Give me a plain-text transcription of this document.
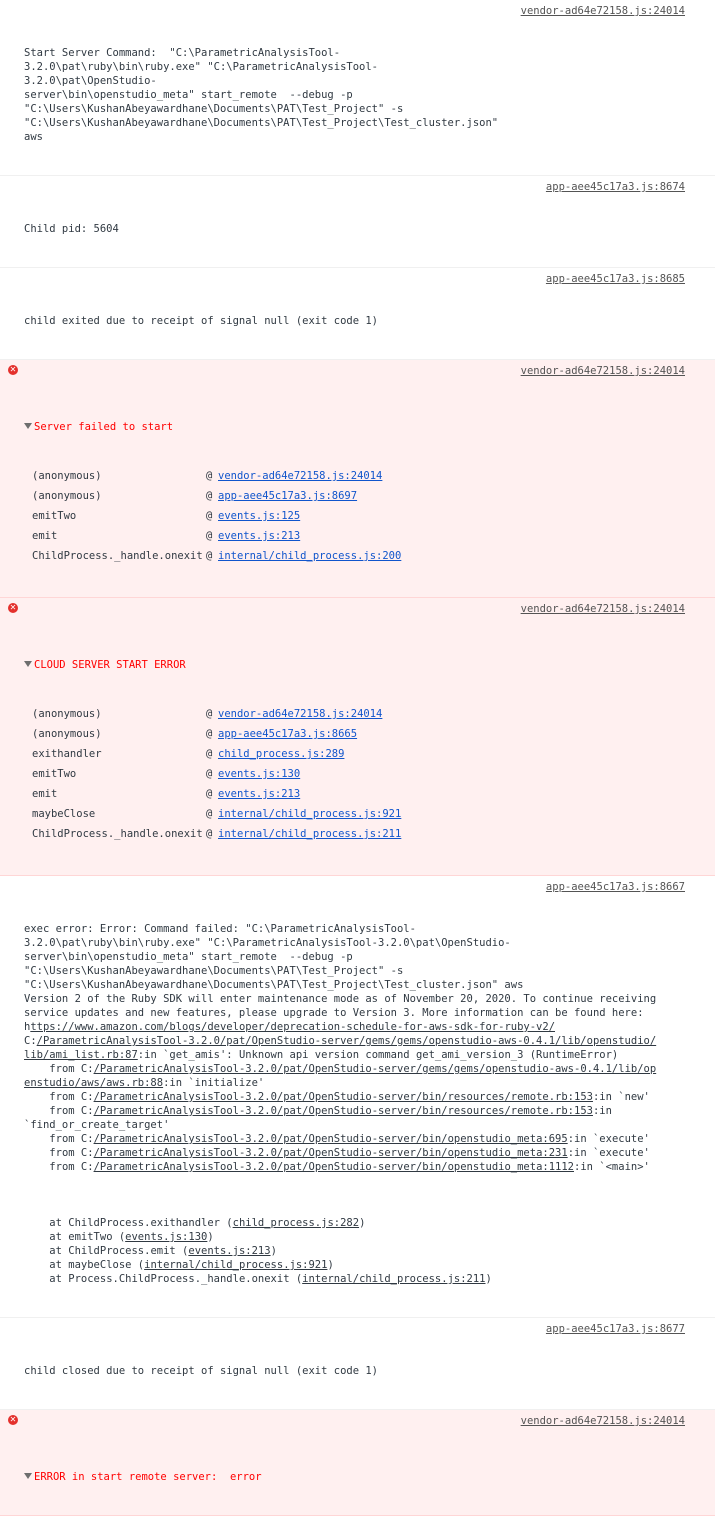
vendor-ad64e72158.js:24014

Start Server Command:  "C:\ParametricAnalysisTool-
3.2.0\pat\ruby\bin\ruby.exe" "C:\ParametricAnalysisTool-3.2.0\pat\OpenStudio-
server\bin\openstudio_meta" start_remote  --debug -p
"C:\Users\KushanAbeyawardhane\Documents\PAT\Test_Project" -s
"C:\Users\KushanAbeyawardhane\Documents\PAT\Test_Project\Test_cluster.json" aws

app-aee45c17a3.js:8674

Child pid: 5604

app-aee45c17a3.js:8685

child exited due to receipt of signal null (exit code 1)

✕

	vendor-ad64e72158.js:24014

Server failed to start

(anonymous)	@ vendor-ad64e72158.js:24014
(anonymous)	@ app-aee45c17a3.js:8697
emitTwo	@ events.js:125
emit	@ events.js:213
ChildProcess._handle.onexit @ internal/child_process.js:200

✕

	vendor-ad64e72158.js:24014

CLOUD SERVER START ERROR

(anonymous)	@ vendor-ad64e72158.js:24014
(anonymous)	@ app-aee45c17a3.js:8665
exithandler	@ child_process.js:289
emitTwo	@ events.js:130
emit	@ events.js:213
maybeClose	@ internal/child_process.js:921
ChildProcess._handle.onexit @ internal/child_process.js:211

app-aee45c17a3.js:8667

exec error: Error: Command failed: "C:\ParametricAnalysisTool-
3.2.0\pat\ruby\bin\ruby.exe" "C:\ParametricAnalysisTool-3.2.0\pat\OpenStudio-
server\bin\openstudio_meta" start_remote  --debug -p
"C:\Users\KushanAbeyawardhane\Documents\PAT\Test_Project" -s
"C:\Users\KushanAbeyawardhane\Documents\PAT\Test_Project\Test_cluster.json" aws
Version 2 of the Ruby SDK will enter maintenance mode as of November 20, 2020. To continue receiving
service updates and new features, please upgrade to Version 3. More information can be found here: https://www.amazon.com/blogs/developer/deprecation-schedule-for-aws-sdk-for-ruby-v2/
C:/ParametricAnalysisTool-3.2.0/pat/OpenStudio-server/gems/gems/openstudio-aws-0.4.1/lib/openstudio/
lib/ami_list.rb:87:in `get_amis': Unknown api version command get_ami_version_3 (RuntimeError)
from C:/ParametricAnalysisTool-3.2.0/pat/OpenStudio-server/gems/gems/openstudio-aws-0.4.1/lib/op
enstudio/aws/aws.rb:88:in `initialize'
from C:/ParametricAnalysisTool-3.2.0/pat/OpenStudio-server/bin/resources/remote.rb:153:in `new'
from C:/ParametricAnalysisTool-3.2.0/pat/OpenStudio-server/bin/resources/remote.rb:153:in
`find_or_create_target'
from C:/ParametricAnalysisTool-3.2.0/pat/OpenStudio-server/bin/openstudio_meta:695:in `execute'
from C:/ParametricAnalysisTool-3.2.0/pat/OpenStudio-server/bin/openstudio_meta:231:in `execute'
from C:/ParametricAnalysisTool-3.2.0/pat/OpenStudio-server/bin/openstudio_meta:1112:in `<main>'
at ChildProcess.exithandler (child_process.js:282)
at emitTwo (events.js:130)
at ChildProcess.emit (events.js:213)
at maybeClose (internal/child_process.js:921)
at Process.ChildProcess._handle.onexit (internal/child_process.js:211)

app-aee45c17a3.js:8677

child closed due to receipt of signal null (exit code 1)

✕

	vendor-ad64e72158.js:24014

ERROR in start remote server:  error
